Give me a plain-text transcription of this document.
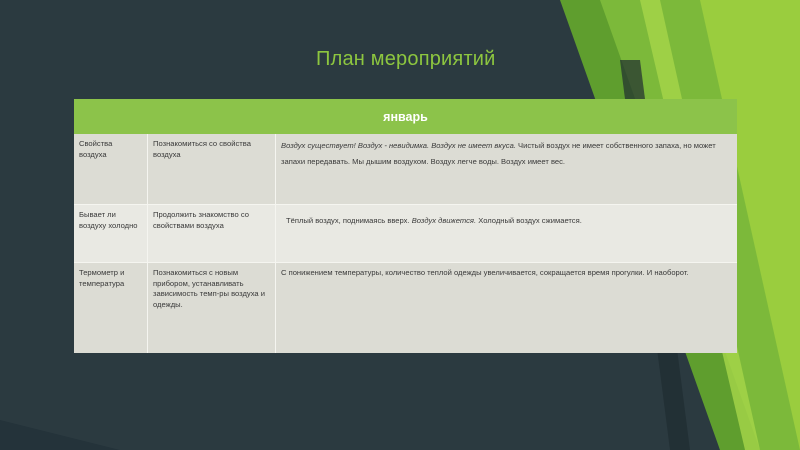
План мероприятий
январь
Свойства воздуха
Познакомиться со свойства воздуха
Воздух существует! Воздух - невидимка. Воздух не имеет вкуса. Чистый воздух не имеет собственного запаха, но может запахи передавать. Мы дышим воздухом. Воздух легче воды. Воздух имеет вес.
Бывает ли воздуху холодно
Продолжить знакомство со свойствами воздуха	Тёплый воздух, поднимаясь вверх. Воздух движется. Холодный воздух сжимается.
Термометр и температура
Познакомиться с новым прибором, устанавливать зависимость темп-ры воздуха и одежды.
С понижением температуры, количество теплой одежды увеличивается, сокращается время прогулки. И наоборот.
